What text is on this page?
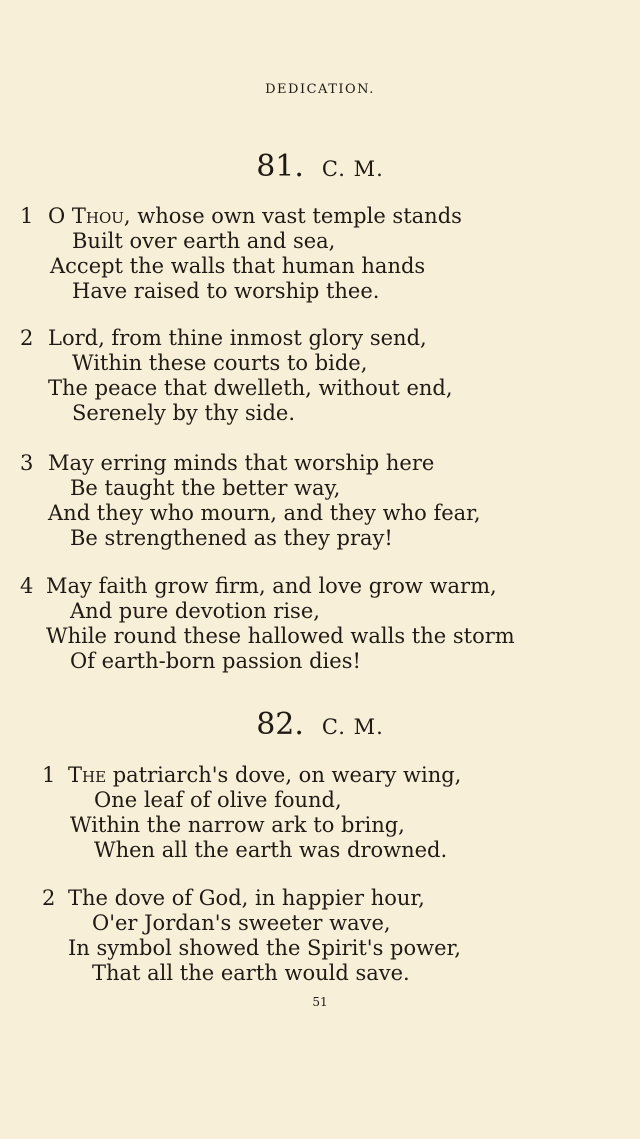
DEDICATION.
81. C. M.
1 O Thou, whose own vast temple stands
Built over earth and sea,
Accept the walls that human hands
Have raised to worship thee.
2 Lord, from thine inmost glory send,
Within these courts to bide,
The peace that dwelleth, without end,
Serenely by thy side.
3 May erring minds that worship here
Be taught the better way,
And they who mourn, and they who fear,
Be strengthened as they pray!
4 May faith grow firm, and love grow warm,
And pure devotion rise,
While round these hallowed walls the storm
Of earth-born passion dies!
82. C. M.
1 The patriarch's dove, on weary wing,
One leaf of olive found,
Within the narrow ark to bring,
When all the earth was drowned.
2 The dove of God, in happier hour,
O'er Jordan's sweeter wave,
In symbol showed the Spirit's power,
That all the earth would save.
51
